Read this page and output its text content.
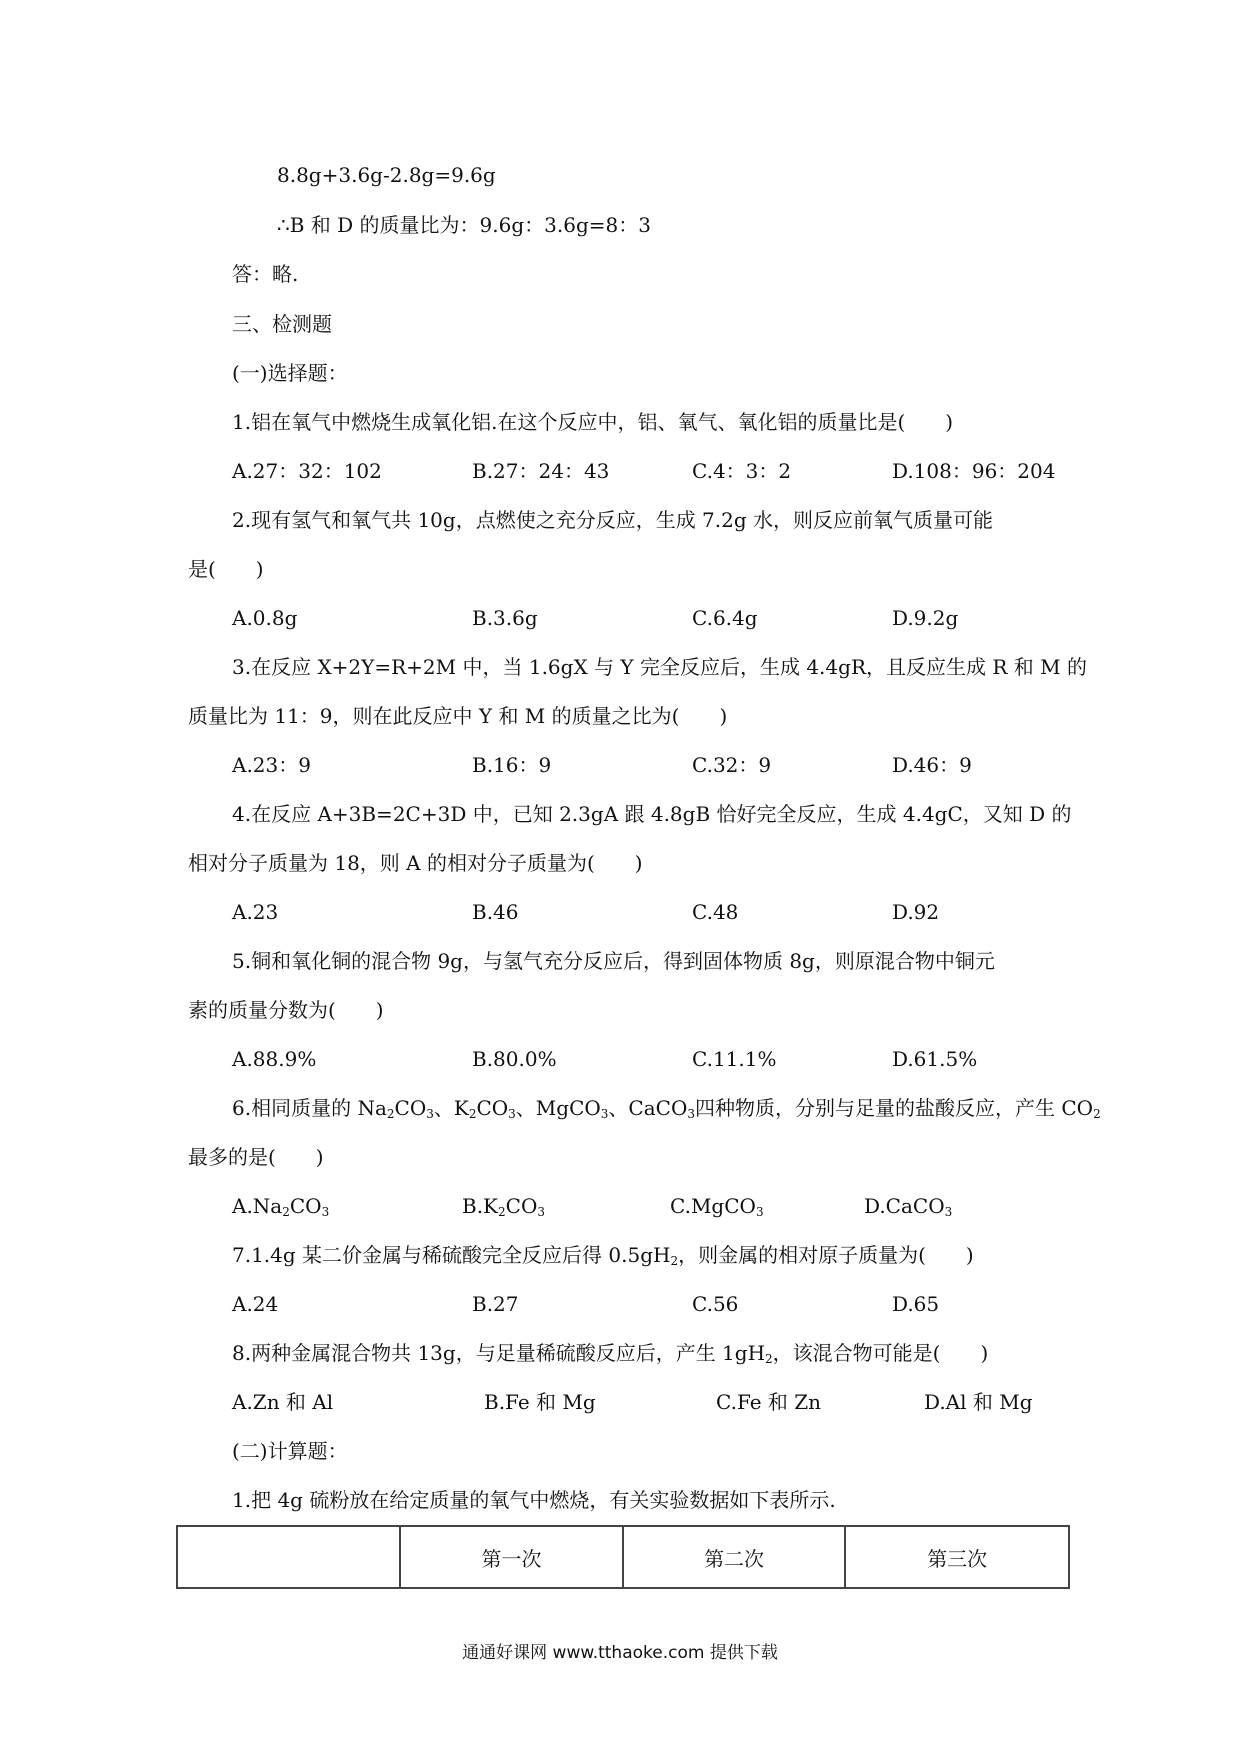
8.8g+3.6g-2.8g=9.6g
∴B 和 D 的质量比为：9.6g：3.6g=8：3
答：略.
三、检测题
(一)选择题：
1.铝在氧气中燃烧生成氧化铝.在这个反应中，铝、氧气、氧化铝的质量比是(　　)
A.27：32：102	B.27：24：43	C.4：3：2	D.108：96：204
2.现有氢气和氧气共 10g，点燃使之充分反应，生成 7.2g 水，则反应前氧气质量可能
是(　　)
A.0.8g	B.3.6g	C.6.4g	D.9.2g
3.在反应 X+2Y=R+2M 中，当 1.6gX 与 Y 完全反应后，生成 4.4gR，且反应生成 R 和 M 的
质量比为 11：9，则在此反应中 Y 和 M 的质量之比为(　　)
A.23：9	B.16：9	C.32：9	D.46：9
4.在反应 A+3B=2C+3D 中，已知 2.3gA 跟 4.8gB 恰好完全反应，生成 4.4gC，又知 D 的
相对分子质量为 18，则 A 的相对分子质量为(　　)
A.23	B.46	C.48	D.92
5.铜和氧化铜的混合物 9g，与氢气充分反应后，得到固体物质 8g，则原混合物中铜元
素的质量分数为(　　)
A.88.9%	B.80.0%	C.11.1%	D.61.5%
6.相同质量的 $Na_2CO_3$、$K_2CO_3$、MgCO$_3$、CaCO$_3$四种物质，分别与足量的盐酸反应，产生 $CO_2$
最多的是(　　)
$A.Na_2CO_3$	$B.K_2CO_3$	C.MgCO$_3$	D.CaCO$_3$
7.1.4g 某二价金属与稀硫酸完全反应后得 $0.5gH_2$，则金属的相对原子质量为(　　)
A.24	B.27	C.56	D.65
8.两种金属混合物共 13g，与足量稀硫酸反应后，产生 $1gH_2$，该混合物可能是(　　)
A.Zn 和 Al	B.Fe 和 Mg	C.Fe 和 Zn	D.Al 和 Mg
(二)计算题：
1.把 4g 硫粉放在给定质量的氧气中燃烧，有关实验数据如下表所示.
	第一次	第二次	第三次
通通好课网 www.tthaoke.com 提供下载
